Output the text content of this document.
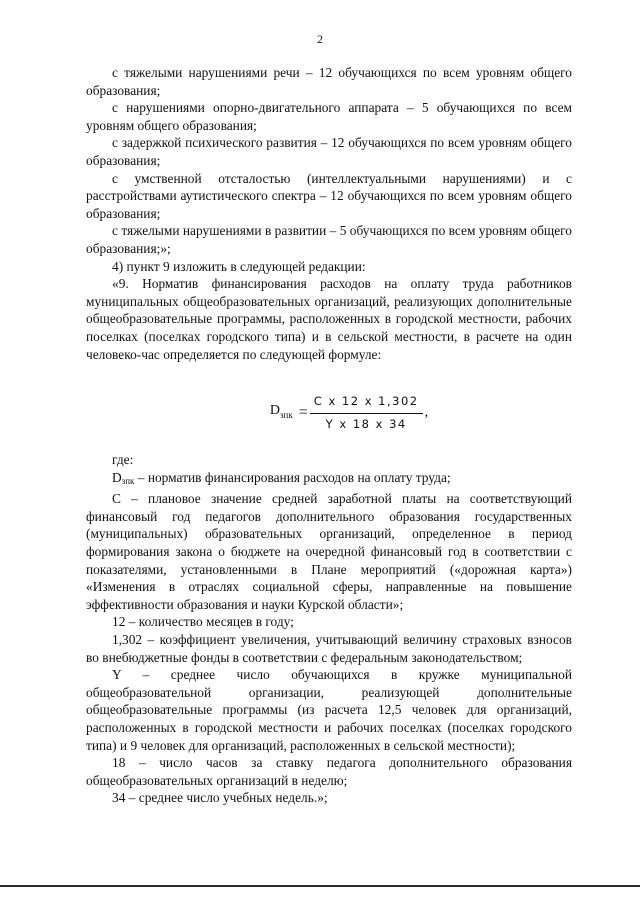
2

с тяжелыми нарушениями речи – 12 обучающихся по всем уровням общего образования;

с нарушениями опорно-двигательного аппарата – 5 обучающихся по всем уровням общего образования;

с задержкой психического развития – 12 обучающихся по всем уровням общего образования;

с умственной отсталостью (интеллектуальными нарушениями) и с расстройствами аутистического спектра – 12 обучающихся по всем уровням общего образования;

с тяжелыми нарушениями в развитии – 5 обучающихся по всем уровням общего образования;»;

4) пункт 9 изложить в следующей редакции:

«9. Норматив финансирования расходов на оплату труда работников муниципальных общеобразовательных организаций, реализующих дополнительные общеобразовательные программы, расположенных в городской местности, рабочих поселках (поселках городского типа) и в сельской местности, в расчете на один человеко-час определяется по следующей формуле:

$D_{зпк} = \frac{\text{C x 12 x 1,302}}{\text{Y x 18 x 34}}$ ,

где:

Dзпк – норматив финансирования расходов на оплату труда;

С – плановое значение средней заработной платы на соответствующий финансовый год педагогов дополнительного образования государственных (муниципальных) образовательных организаций, определенное в период формирования закона о бюджете на очередной финансовый год в соответствии с показателями, установленными в Плане мероприятий («дорожная карта») «Изменения в отраслях социальной сферы, направленные на повышение эффективности образования и науки Курской области»;

12 – количество месяцев в году;

1,302 – коэффициент увеличения, учитывающий величину страховых взносов во внебюджетные фонды в соответствии с федеральным законодательством;

Y – среднее число обучающихся в кружке муниципальной общеобразовательной организации, реализующей дополнительные общеобразовательные программы (из расчета 12,5 человек для организаций, расположенных в городской местности и рабочих поселках (поселках городского типа) и 9 человек для организаций, расположенных в сельской местности);

18 – число часов за ставку педагога дополнительного образования общеобразовательных организаций в неделю;

34 – среднее число учебных недель.»;
